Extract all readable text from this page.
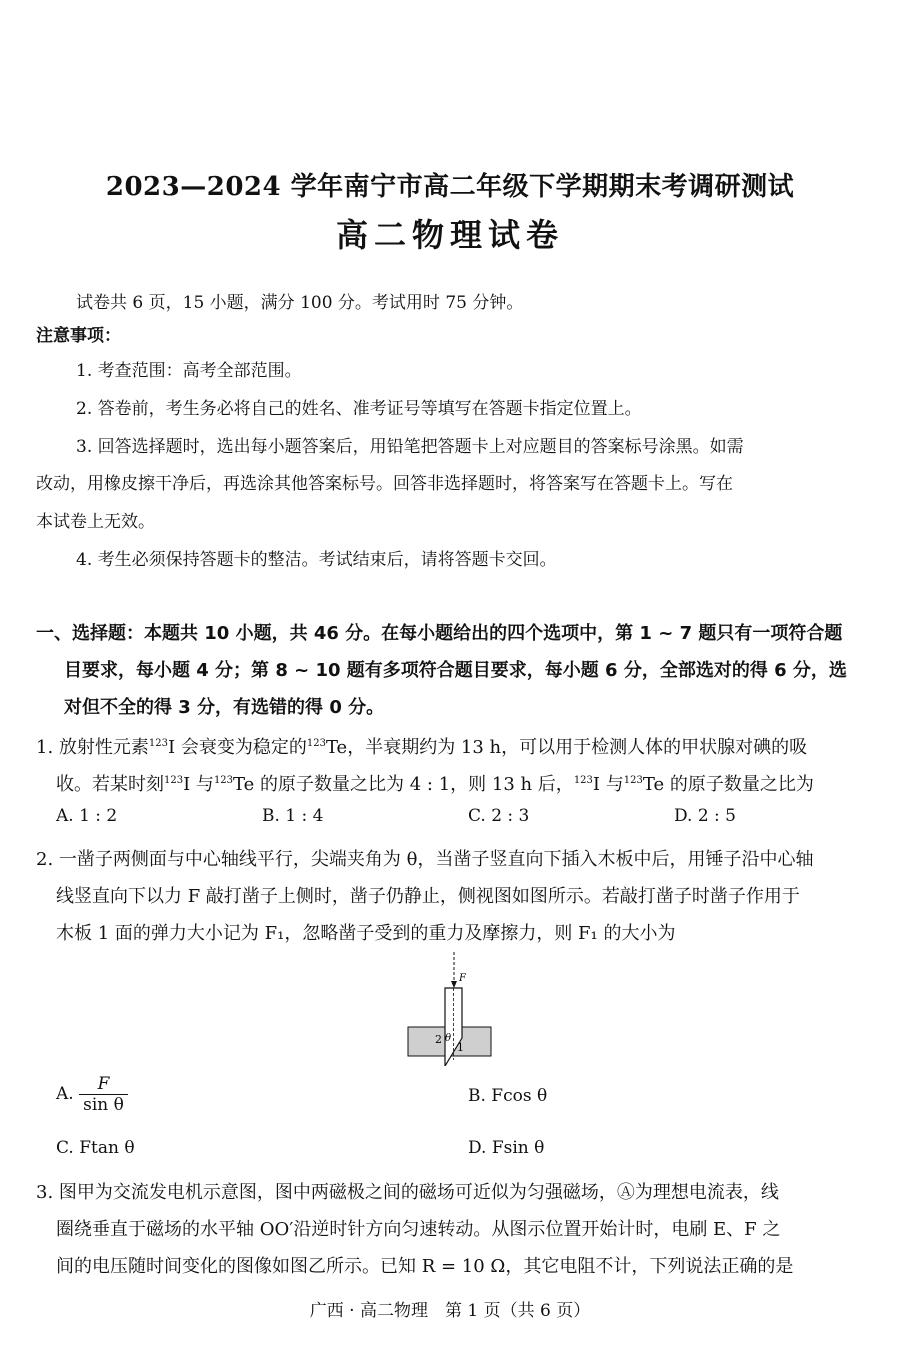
2023—2024 学年南宁市高二年级下学期期末考调研测试
高二物理试卷
试卷共 6 页，15 小题，满分 100 分。考试用时 75 分钟。
注意事项：
1. 考查范围：高考全部范围。
2. 答卷前，考生务必将自己的姓名、准考证号等填写在答题卡指定位置上。
3. 回答选择题时，选出每小题答案后，用铅笔把答题卡上对应题目的答案标号涂黑。如需
改动，用橡皮擦干净后，再选涂其他答案标号。回答非选择题时，将答案写在答题卡上。写在
本试卷上无效。
4. 考生必须保持答题卡的整洁。考试结束后，请将答题卡交回。
一、选择题：本题共 10 小题，共 46 分。在每小题给出的四个选项中，第 1 ~ 7 题只有一项符合题
目要求，每小题 4 分；第 8 ~ 10 题有多项符合题目要求，每小题 6 分，全部选对的得 6 分，选
对但不全的得 3 分，有选错的得 0 分。
1. 放射性元素$^{123}$I 会衰变为稳定的$^{123}$Te，半衰期约为 13 h，可以用于检测人体的甲状腺对碘的吸
收。若某时刻$^{123}$I 与$^{123}$Te 的原子数量之比为 4 : 1，则 13 h 后，$^{123}$I 与$^{123}$Te 的原子数量之比为
A. 1 : 2	B. 1 : 4	C. 2 : 3	D. 2 : 5
2. 一凿子两侧面与中心轴线平行，尖端夹角为 θ，当凿子竖直向下插入木板中后，用锤子沿中心轴
线竖直向下以力 F 敲打凿子上侧时，凿子仍静止，侧视图如图所示。若敲打凿子时凿子作用于
木板 1 面的弹力大小记为 F₁，忽略凿子受到的重力及摩擦力，则 F₁ 的大小为
F
2 θ
1
A. $\frac{F}{\text{sin θ}}$	B. Fcos θ
C. Ftan θ	D. Fsin θ
3. 图甲为交流发电机示意图，图中两磁极之间的磁场可近似为匀强磁场，Ⓐ为理想电流表，线
圈绕垂直于磁场的水平轴 OO′沿逆时针方向匀速转动。从图示位置开始计时，电刷 E、F 之
间的电压随时间变化的图像如图乙所示。已知 R = 10 Ω，其它电阻不计，下列说法正确的是
广西 · 高二物理　第 1 页（共 6 页）
